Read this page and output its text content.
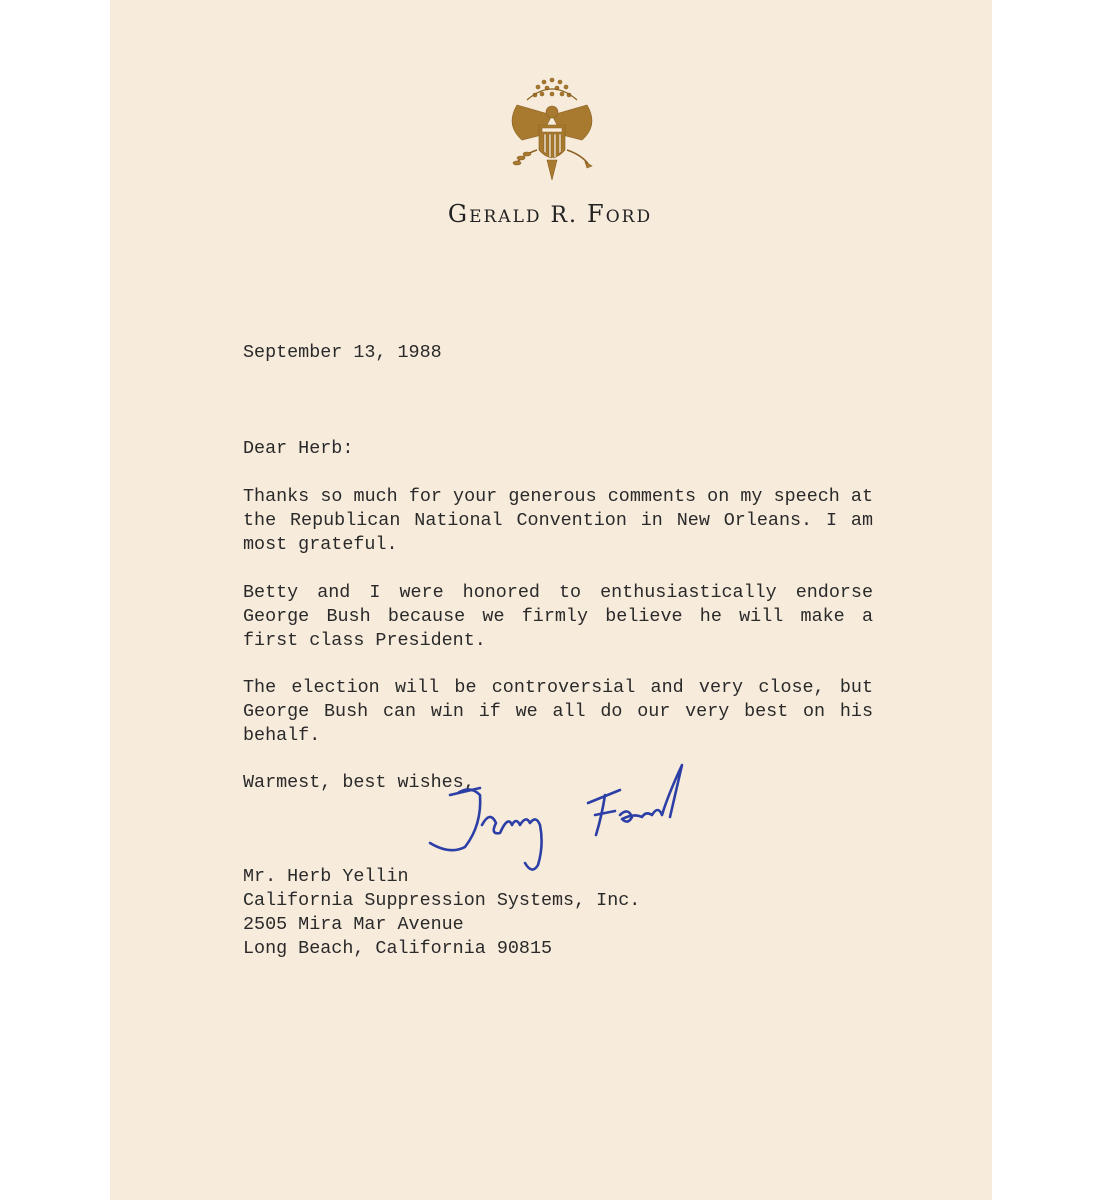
GERALD R. FORD
September 13, 1988
Dear Herb:
Thanks so much for your generous comments on my speech at the Republican National Convention in New Orleans. I am most grateful.
Betty and I were honored to enthusiastically endorse George Bush because we firmly believe he will make a first class President.
The election will be controversial and very close, but George Bush can win if we all do our very best on his behalf.
Warmest, best wishes,
Mr. Herb Yellin
California Suppression Systems, Inc.
2505 Mira Mar Avenue
Long Beach, California 90815
